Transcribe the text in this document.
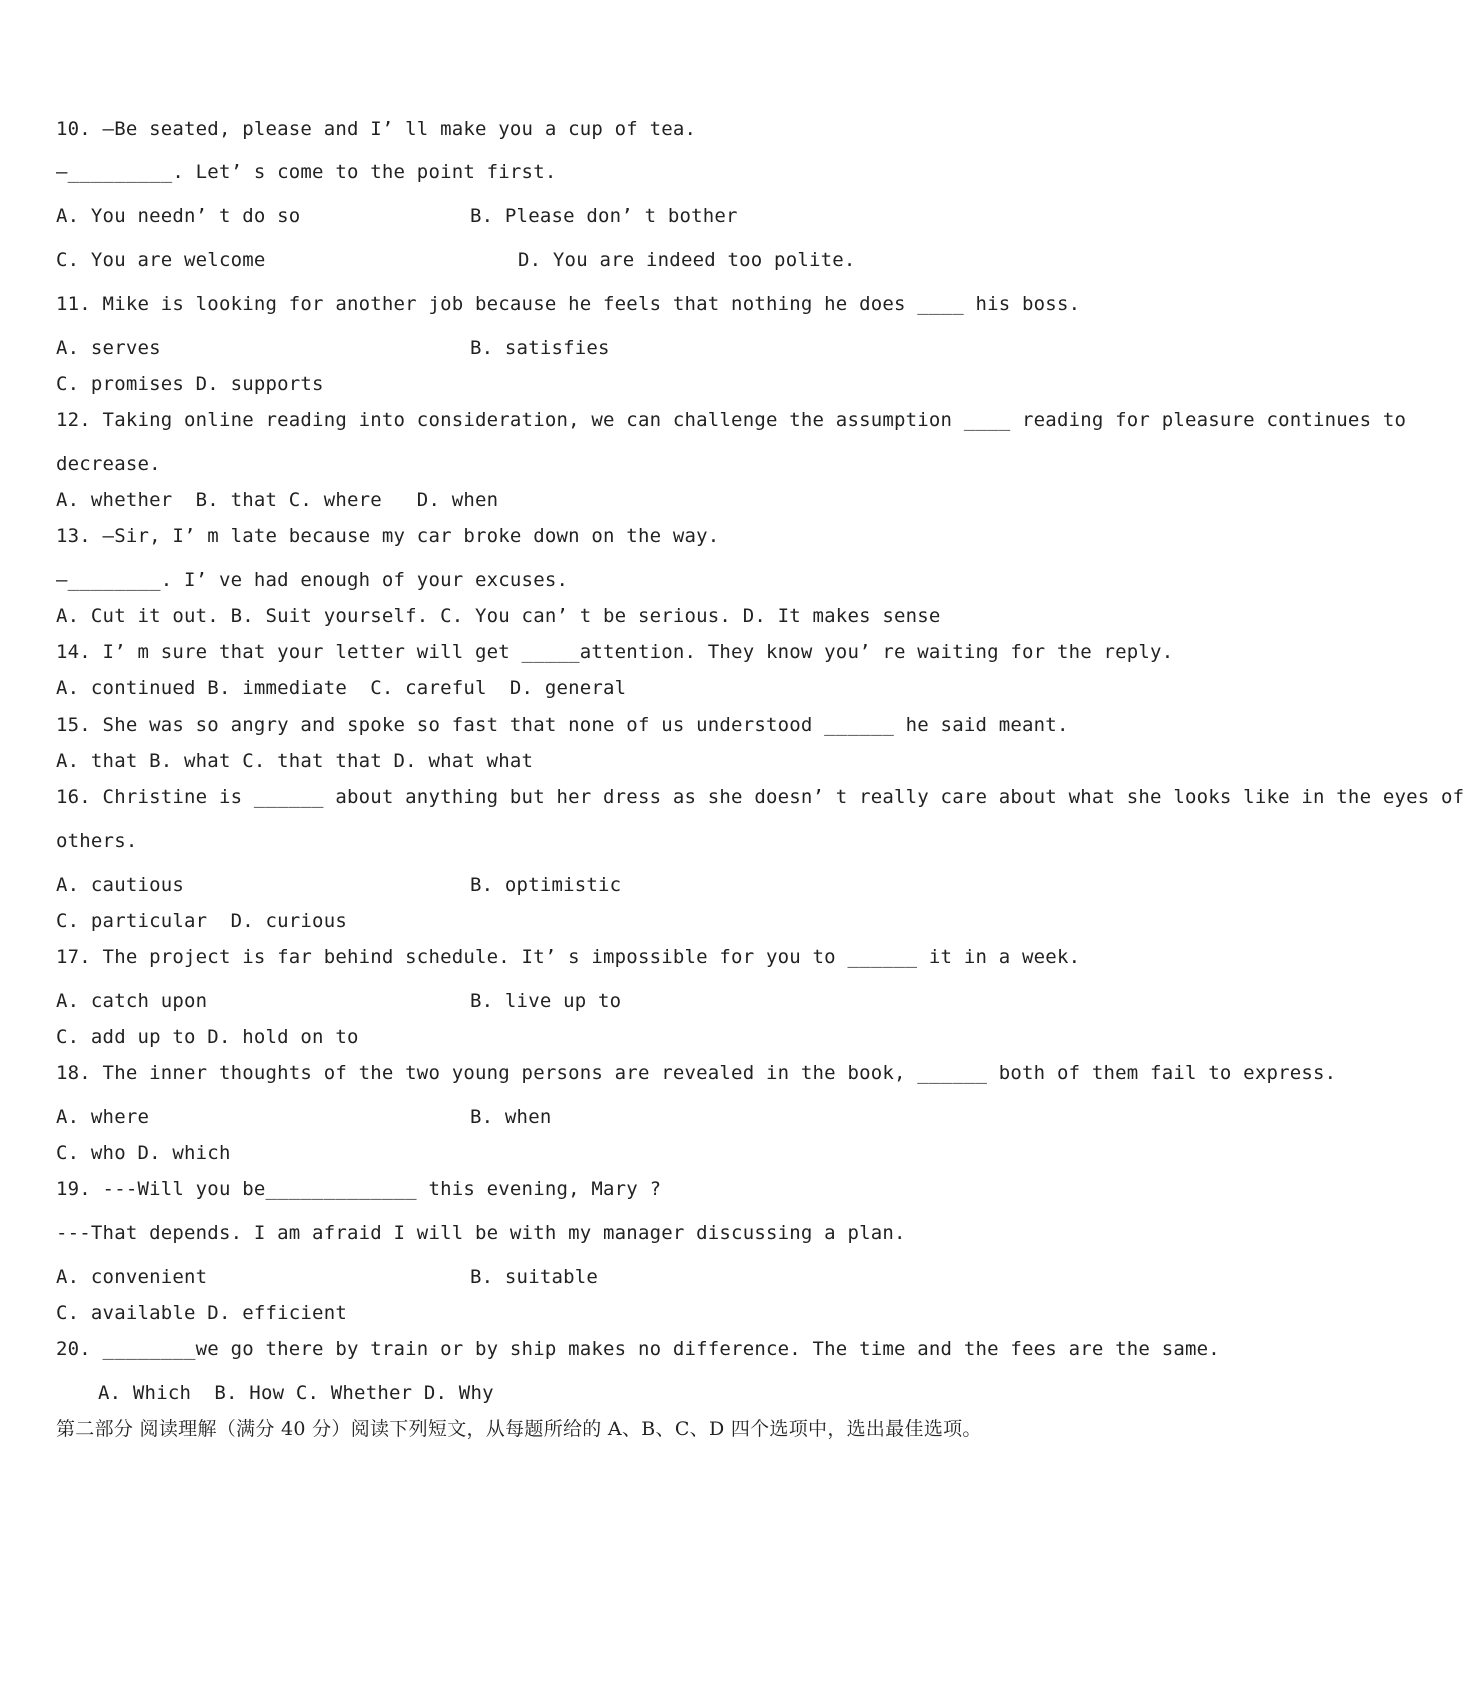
10. —Be seated, please and I’ ll make you a cup of tea.
—_________. Let’ s come to the point first.
A. You needn’ t do so	B. Please don’ t bother
C. You are welcome	D. You are indeed too polite.
11. Mike is looking for another job because he feels that nothing he does ____ his boss.
A. serves	B. satisfies
C. promises D. supports
12. Taking online reading into consideration, we can challenge the assumption ____ reading for pleasure continues to
decrease.
A. whether  B. that C. where   D. when
13. —Sir, I’ m late because my car broke down on the way.
—________. I’ ve had enough of your excuses.
A. Cut it out. B. Suit yourself. C. You can’ t be serious. D. It makes sense
14. I’ m sure that your letter will get _____attention. They know you’ re waiting for the reply.
A. continued B. immediate  C. careful  D. general
15. She was so angry and spoke so fast that none of us understood ______ he said meant.
A. that B. what C. that that D. what what
16. Christine is ______ about anything but her dress as she doesn’ t really care about what she looks like in the eyes of
others.
A. cautious	B. optimistic
C. particular  D. curious
17. The project is far behind schedule. It’ s impossible for you to ______ it in a week.
A. catch upon	B. live up to
C. add up to D. hold on to
18. The inner thoughts of the two young persons are revealed in the book, ______ both of them fail to express.
A. where	B. when
C. who D. which
19. ---Will you be_____________ this evening, Mary ?
---That depends. I am afraid I will be with my manager discussing a plan.
A. convenient	B. suitable
C. available D. efficient
20. ________we go there by train or by ship makes no difference. The time and the fees are the same.
A. Which  B. How C. Whether D. Why
第二部分 阅读理解（满分 40 分）阅读下列短文，从每题所给的 A、B、C、D 四个选项中，选出最佳选项。
